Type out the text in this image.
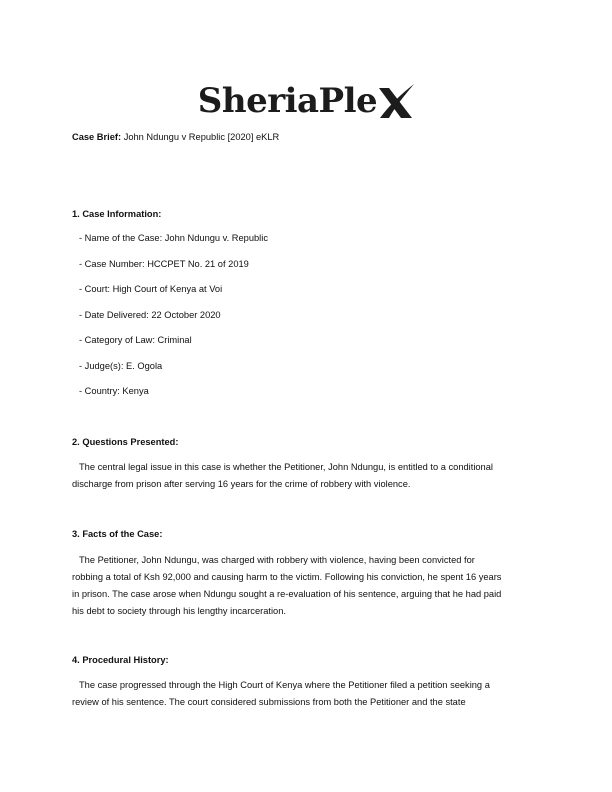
SheriaPle
Case Brief: John Ndungu v Republic [2020] eKLR
1. Case Information:
- Name of the Case: John Ndungu v. Republic
- Case Number: HCCPET No. 21 of 2019
- Court: High Court of Kenya at Voi
- Date Delivered: 22 October 2020
- Category of Law: Criminal
- Judge(s): E. Ogola
- Country: Kenya
2. Questions Presented:
The central legal issue in this case is whether the Petitioner, John Ndungu, is entitled to a conditional
discharge from prison after serving 16 years for the crime of robbery with violence.
3. Facts of the Case:
The Petitioner, John Ndungu, was charged with robbery with violence, having been convicted for
robbing a total of Ksh 92,000 and causing harm to the victim. Following his conviction, he spent 16 years
in prison. The case arose when Ndungu sought a re-evaluation of his sentence, arguing that he had paid
his debt to society through his lengthy incarceration.
4. Procedural History:
The case progressed through the High Court of Kenya where the Petitioner filed a petition seeking a
review of his sentence. The court considered submissions from both the Petitioner and the state
